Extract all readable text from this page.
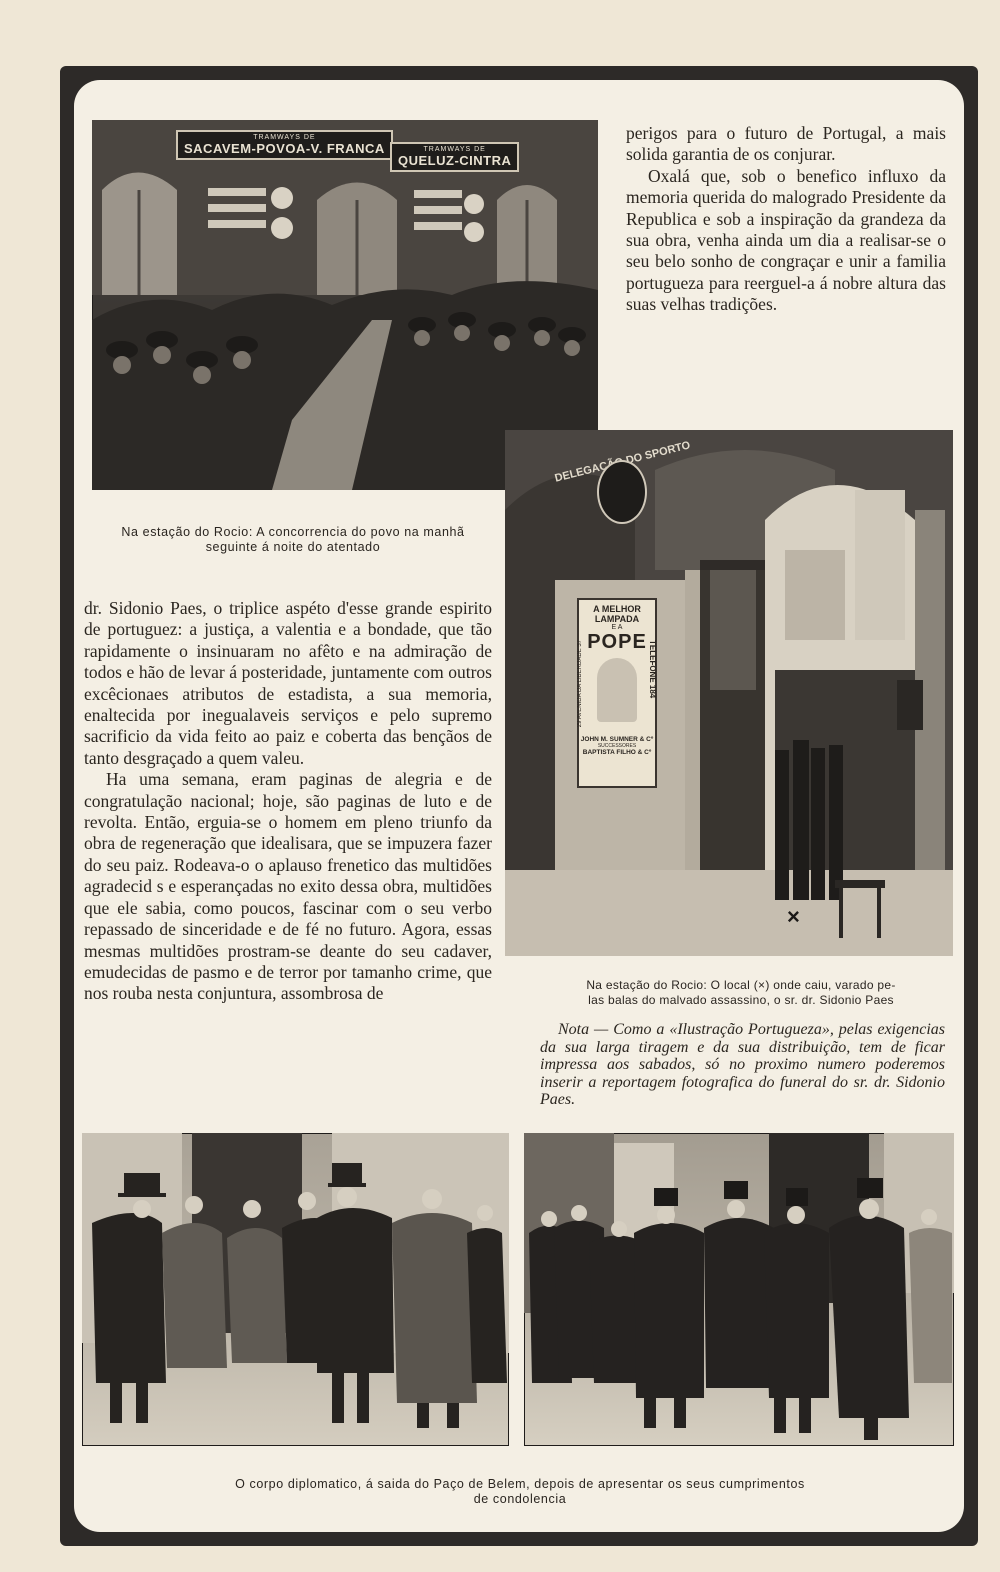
TRAMWAYS DE
SACAVEM-POVOA-V. FRANCA	TRAMWAYS DE
QUELUZ-CINTRA

perigos para o futuro de Portugal, a mais solida garantia de os conjurar.

Oxalá que, sob o benefico influxo da memoria querida do malogrado Presidente da Republica e sob a inspiração da grandeza da sua obra, venha ainda um dia a realisar-se o seu belo sonho de congraçar e unir a familia portugueza para reerguel-a á nobre altura das suas velhas tradições.

Na estação do Rocio: A concorrencia do povo na manhã
seguinte á noite do atentado
DELEGAÇÃO DO SPORTO
A MELHOR LAMPADA
E A
POPE
29 AVENIDA DA LIBERDADE 37	TELEFONE 184
JOHN M. SUMNER & Cº
SUCCESSORES
BAPTISTA FILHO & Cº
×

dr. Sidonio Paes, o triplice aspéto d'esse grande espirito de portuguez: a justiça, a valentia e a bondade, que tão rapidamente o insinuaram no afêto e na admiração de todos e hão de levar á posteridade, juntamente com outros excêcionaes atributos de estadista, a sua memoria, enaltecida por inegualaveis serviços e pelo supremo sacrificio da vida feito ao paiz e coberta das bençãos de tanto desgraçado a quem valeu.

Ha uma semana, eram paginas de alegria e de congratulação nacional; hoje, são paginas de luto e de revolta. Então, erguia-se o homem em pleno triunfo da obra de regeneração que idealisara, que se impuzera fazer do seu paiz. Rodeava-o o aplauso frenetico das multidões agradecid s e esperançadas no exito dessa obra, multidões que ele sabia, como poucos, fascinar com o seu verbo repassado de sinceridade e de fé no futuro. Agora, essas mesmas multidões prostram-se deante do seu cadaver, emudecidas de pasmo e de terror por tamanho crime, que nos rouba nesta conjuntura, assombrosa de	Na estação do Rocio: O local (×) onde caiu, varado pe-
las balas do malvado assassino, o sr. dr. Sidonio Paes
Nota — Como a «Ilustração Portugueza», pelas exigencias da sua larga tiragem e da sua distribuição, tem de ficar impressa aos sabados, só no proximo numero poderemos inserir a reportagem fotografica do funeral do sr. dr. Sidonio Paes.
O corpo diplomatico, á saida do Paço de Belem, depois de apresentar os seus cumprimentos
de condolencia
